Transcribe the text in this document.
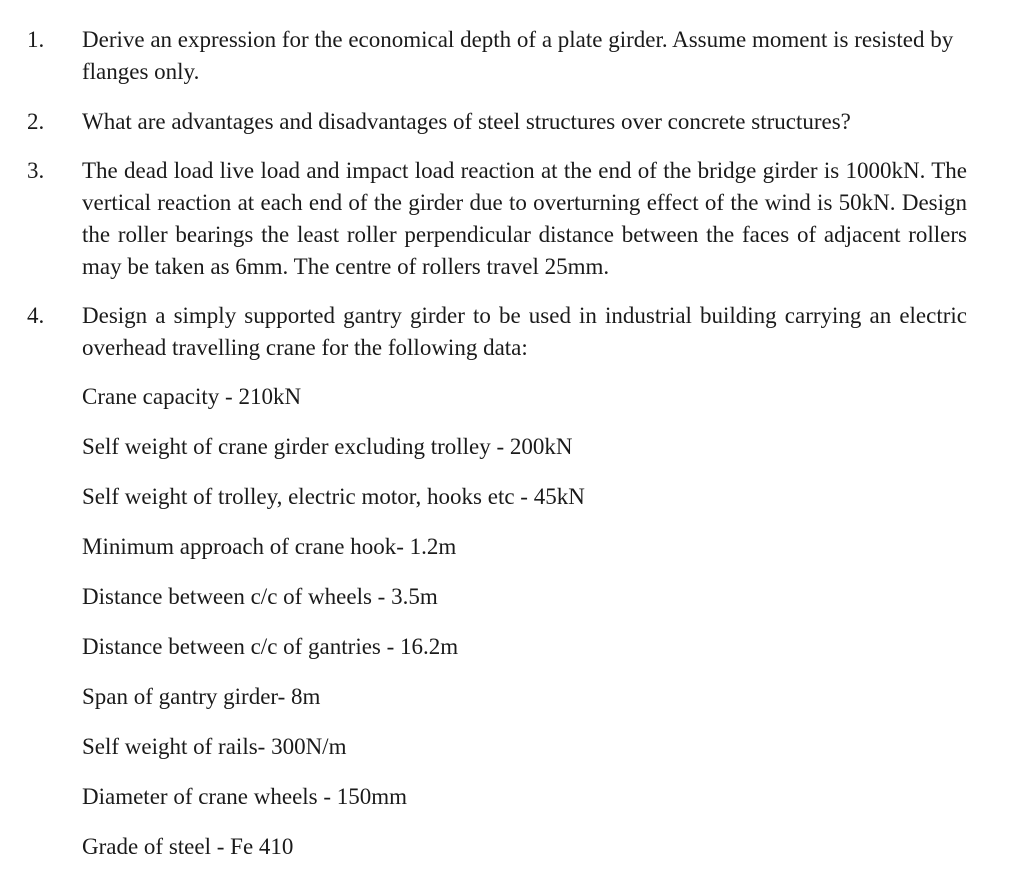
1.	Derive an expression for the economical depth of a plate girder. Assume moment is resisted by flanges only.
2.	What are advantages and disadvantages of steel structures over concrete structures?
3.	The dead load live load and impact load reaction at the end of the bridge girder is 1000kN. The vertical reaction at each end of the girder due to overturning effect of the wind is 50kN. Design the roller bearings the least roller perpendicular distance between the faces of adjacent rollers may be taken as 6mm. The centre of rollers travel 25mm.
4.	Design a simply supported gantry girder to be used in industrial building carrying an electric overhead travelling crane for the following data:
Crane capacity - 210kN
Self weight of crane girder excluding trolley - 200kN
Self weight of trolley, electric motor, hooks etc - 45kN
Minimum approach of crane hook- 1.2m
Distance between c/c of wheels - 3.5m
Distance between c/c of gantries - 16.2m
Span of gantry girder- 8m
Self weight of rails- 300N/m
Diameter of crane wheels - 150mm
Grade of steel - Fe 410
